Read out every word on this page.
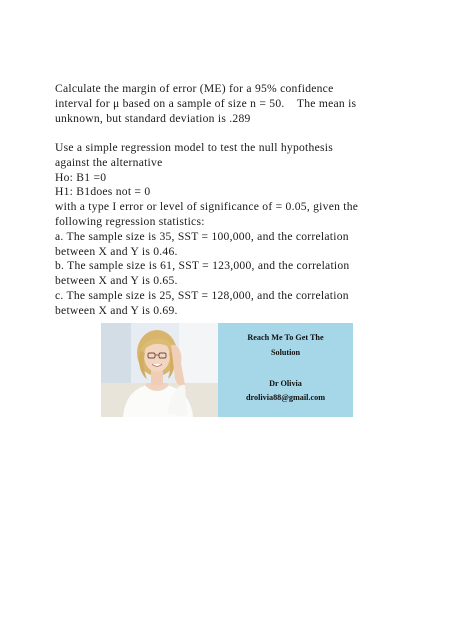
Calculate the margin of error (ME) for a 95% confidence
interval for μ based on a sample of size n = 50.    The mean is
unknown, but standard deviation is .289
Use a simple regression model to test the null hypothesis
against the alternative
Ho: B1 =0
H1: B1does not = 0
with a type I error or level of significance of = 0.05, given the
following regression statistics:
a. The sample size is 35, SST = 100,000, and the correlation
between X and Y is 0.46.
b. The sample size is 61, SST = 123,000, and the correlation
between X and Y is 0.65.
c. The sample size is 25, SST = 128,000, and the correlation
between X and Y is 0.69.
Reach Me To Get The
Solution
Dr Olivia
drolivia88@gmail.com
